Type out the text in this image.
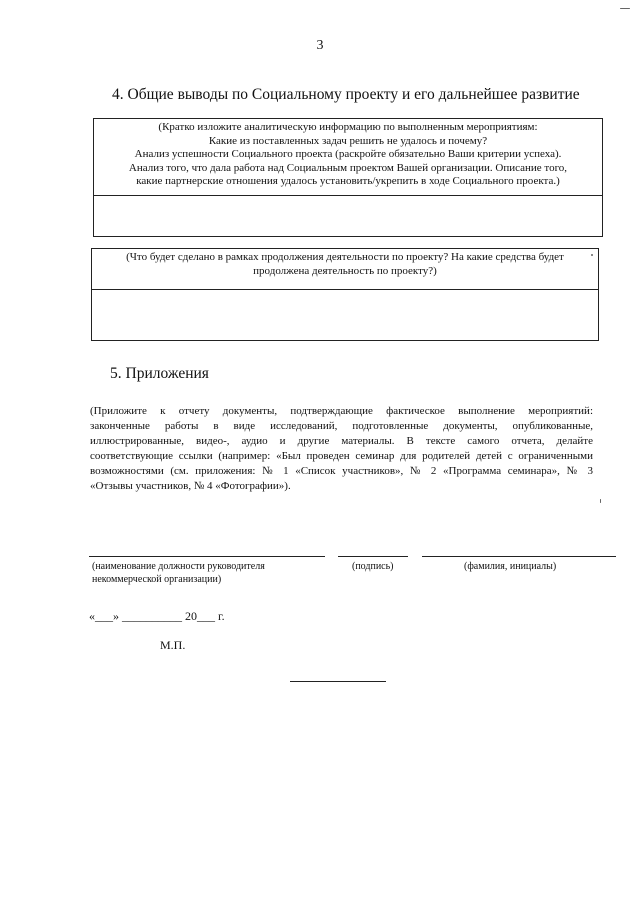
3
4. Общие выводы по Социальному проекту и его дальнейшее развитие
(Кратко изложите аналитическую информацию по выполненным мероприятиям:
Какие из поставленных задач решить не удалось и почему?
Анализ успешности Социального проекта (раскройте обязательно Ваши критерии успеха).
Анализ того, что дала работа над Социальным проектом Вашей организации. Описание того,
какие партнерские отношения удалось установить/укрепить в ходе Социального проекта.)
(Что будет сделано в рамках продолжения деятельности по проекту? На какие средства будет
продолжена деятельность по проекту?)
5. Приложения
(Приложите к отчету документы, подтверждающие фактическое выполнение мероприятий:
законченные работы в виде исследований, подготовленные документы, опубликованные,
иллюстрированные, видео-, аудио и другие материалы. В тексте самого отчета, делайте
соответствующие ссылки (например: «Был проведен семинар для родителей детей с ограниченными
возможностями (см. приложения: № 1 «Список участников», № 2 «Программа семинара», № 3
«Отзывы участников, № 4 «Фотографии»).
(наименование должности руководителя
некоммерческой организации)
(подпись)	(фамилия, инициалы)
«___» __________ 20___ г.
М.П.
